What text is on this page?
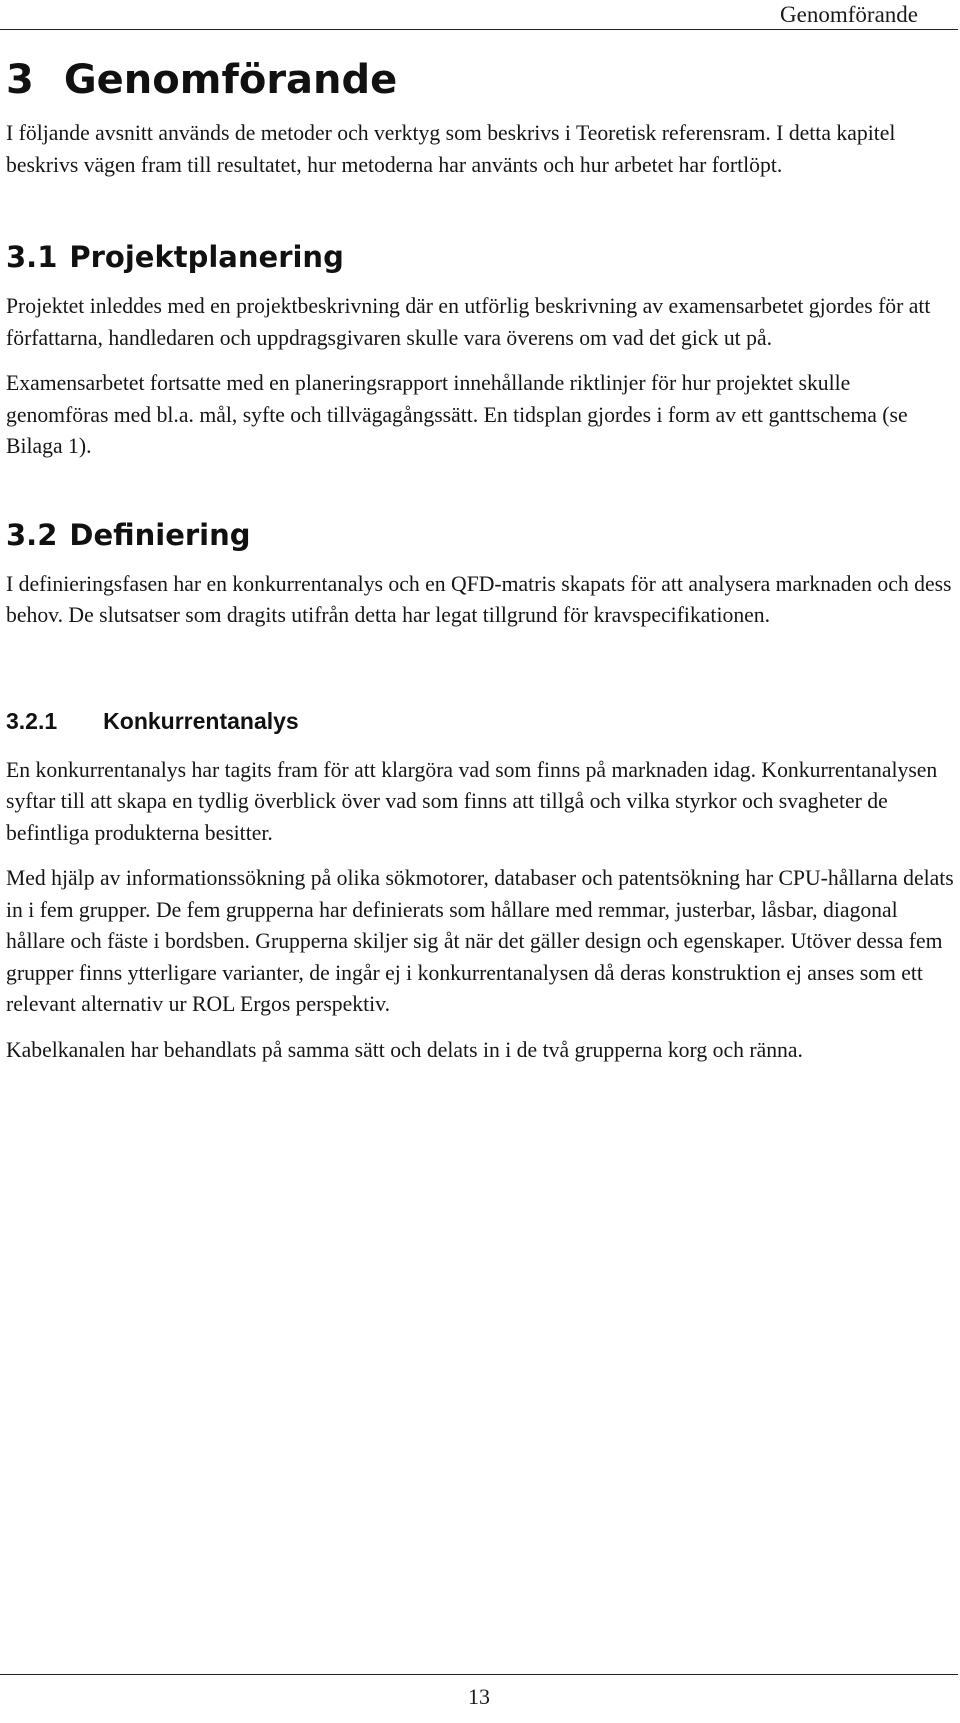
Genomförande
3 Genomförande

I följande avsnitt används de metoder och verktyg som beskrivs i Teoretisk referensram. I detta kapitel beskrivs vägen fram till resultatet, hur metoderna har använts och hur arbetet har fortlöpt.

3.1 Projektplanering

Projektet inleddes med en projektbeskrivning där en utförlig beskrivning av examensarbetet gjordes för att författarna, handledaren och uppdragsgivaren skulle vara överens om vad det gick ut på.

Examensarbetet fortsatte med en planeringsrapport innehållande riktlinjer för hur projektet skulle genomföras med bl.a. mål, syfte och tillvägagångssätt. En tidsplan gjordes i form av ett ganttschema (se Bilaga 1).

3.2 Definiering

I definieringsfasen har en konkurrentanalys och en QFD-matris skapats för att analysera marknaden och dess behov. De slutsatser som dragits utifrån detta har legat tillgrund för kravspecifikationen.

3.2.1 Konkurrentanalys

En konkurrentanalys har tagits fram för att klargöra vad som finns på marknaden idag. Konkurrentanalysen syftar till att skapa en tydlig överblick över vad som finns att tillgå och vilka styrkor och svagheter de befintliga produkterna besitter.

Med hjälp av informationssökning på olika sökmotorer, databaser och patentsökning har CPU-hållarna delats in i fem grupper. De fem grupperna har definierats som hållare med remmar, justerbar, låsbar, diagonal hållare och fäste i bordsben. Grupperna skiljer sig åt när det gäller design och egenskaper. Utöver dessa fem grupper finns ytterligare varianter, de ingår ej i konkurrentanalysen då deras konstruktion ej anses som ett relevant alternativ ur ROL Ergos perspektiv.

Kabelkanalen har behandlats på samma sätt och delats in i de två grupperna korg och ränna.

13
